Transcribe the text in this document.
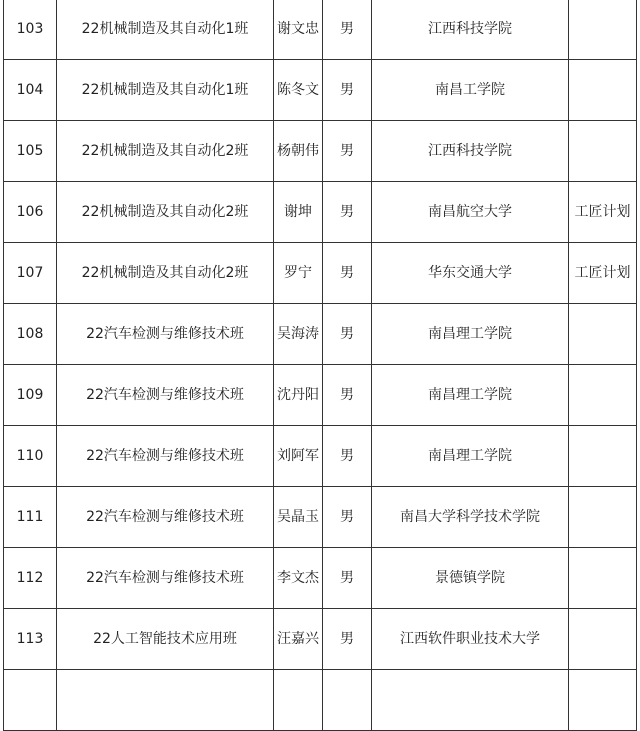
103	22机械制造及其自动化1班	谢文忠	男	江西科技学院	
104	22机械制造及其自动化1班	陈冬文	男	南昌工学院	
105	22机械制造及其自动化2班	杨朝伟	男	江西科技学院	
106	22机械制造及其自动化2班	谢坤	男	南昌航空大学	工匠计划
107	22机械制造及其自动化2班	罗宁	男	华东交通大学	工匠计划
108	22汽车检测与维修技术班	吴海涛	男	南昌理工学院	
109	22汽车检测与维修技术班	沈丹阳	男	南昌理工学院	
110	22汽车检测与维修技术班	刘阿军	男	南昌理工学院	
111	22汽车检测与维修技术班	吴晶玉	男	南昌大学科学技术学院	
112	22汽车检测与维修技术班	李文杰	男	景德镇学院	
113	22人工智能技术应用班	汪嘉兴	男	江西软件职业技术大学	
